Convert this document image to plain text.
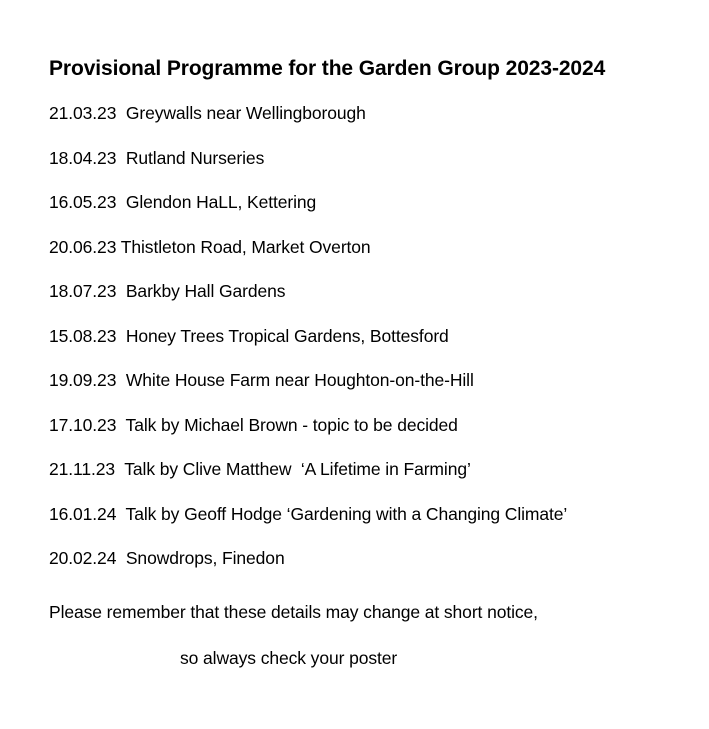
Provisional Programme for the Garden Group 2023-2024
21.03.23 Greywalls near Wellingborough
18.04.23 Rutland Nurseries
16.05.23 Glendon HaLL, Kettering
20.06.23 Thistleton Road, Market Overton
18.07.23 Barkby Hall Gardens
15.08.23 Honey Trees Tropical Gardens, Bottesford
19.09.23 White House Farm near Houghton-on-the-Hill
17.10.23 Talk by Michael Brown - topic to be decided
21.11.23 Talk by Clive Matthew  ‘A Lifetime in Farming’
16.01.24 Talk by Geoff Hodge ‘Gardening with a Changing Climate’
20.02.24 Snowdrops, Finedon
Please remember that these details may change at short notice,
so always check your poster
